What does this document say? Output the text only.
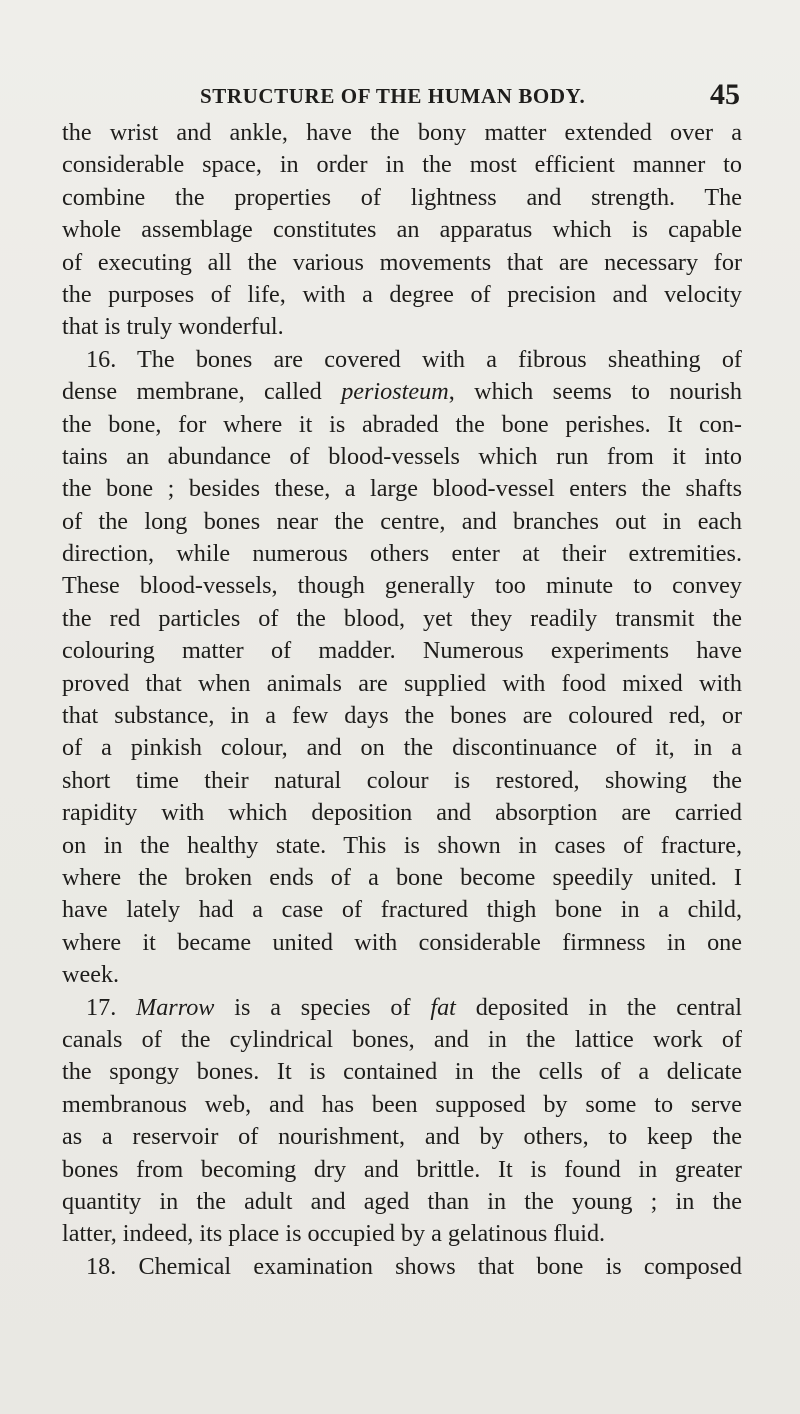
STRUCTURE OF THE HUMAN BODY.	45
the wrist and ankle, have the bony matter extended over a
considerable space, in order in the most efficient manner to
combine the properties of lightness and strength. The
whole assemblage constitutes an apparatus which is capable
of executing all the various movements that are necessary for
the purposes of life, with a degree of precision and velocity
that is truly wonderful.
16. The bones are covered with a fibrous sheathing of
dense membrane, called periosteum, which seems to nourish
the bone, for where it is abraded the bone perishes. It con-
tains an abundance of blood-vessels which run from it into
the bone ; besides these, a large blood-vessel enters the shafts
of the long bones near the centre, and branches out in each
direction, while numerous others enter at their extremities.
These blood-vessels, though generally too minute to convey
the red particles of the blood, yet they readily transmit the
colouring matter of madder. Numerous experiments have
proved that when animals are supplied with food mixed with
that substance, in a few days the bones are coloured red, or
of a pinkish colour, and on the discontinuance of it, in a
short time their natural colour is restored, showing the
rapidity with which deposition and absorption are carried
on in the healthy state. This is shown in cases of fracture,
where the broken ends of a bone become speedily united. I
have lately had a case of fractured thigh bone in a child,
where it became united with considerable firmness in one
week.
17. Marrow is a species of fat deposited in the central
canals of the cylindrical bones, and in the lattice work of
the spongy bones. It is contained in the cells of a delicate
membranous web, and has been supposed by some to serve
as a reservoir of nourishment, and by others, to keep the
bones from becoming dry and brittle. It is found in greater
quantity in the adult and aged than in the young ; in the
latter, indeed, its place is occupied by a gelatinous fluid.
18. Chemical examination shows that bone is composed
